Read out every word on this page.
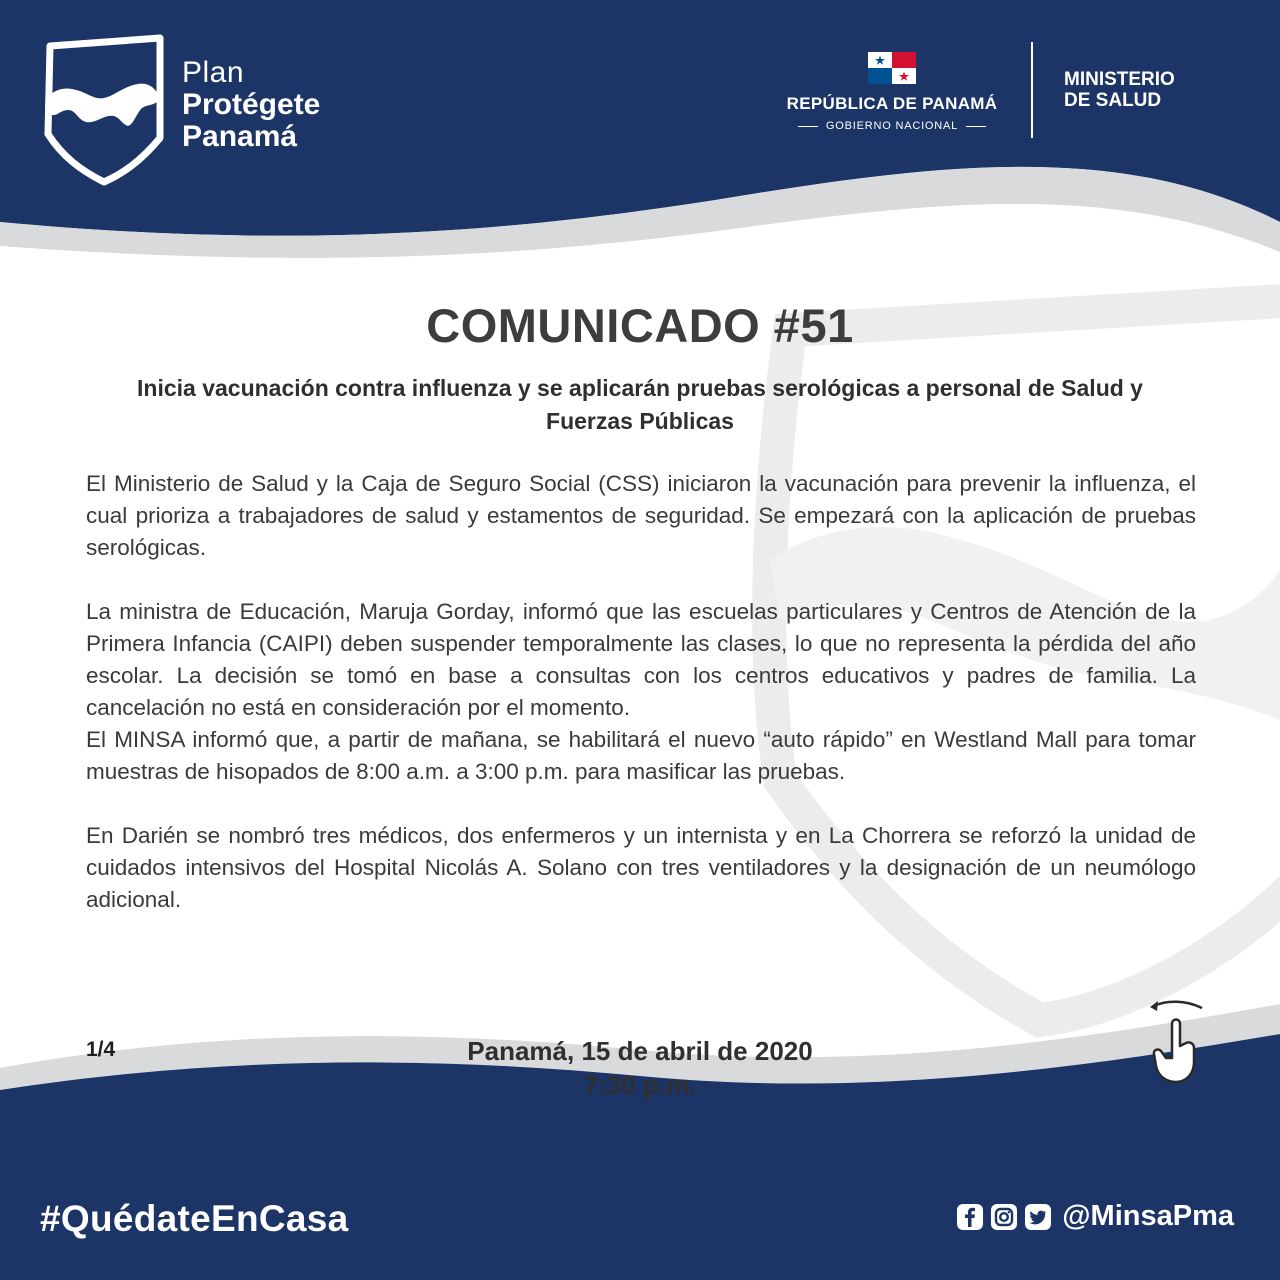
Plan
Protégete
Panamá
REPÚBLICA DE PANAMÁ
GOBIERNO NACIONAL
MINISTERIO
DE SALUD
COMUNICADO #51
Inicia vacunación contra influenza y se aplicarán pruebas serológicas a personal de Salud y Fuerzas Públicas

El Ministerio de Salud y la Caja de Seguro Social (CSS) iniciaron la vacunación para prevenir la influenza, el cual prioriza a trabajadores de salud y estamentos de seguridad. Se empezará con la aplicación de pruebas serológicas.

La ministra de Educación, Maruja Gorday, informó que las escuelas particulares y Centros de Atención de la Primera Infancia (CAIPI) deben suspender temporalmente las clases, lo que no representa la pérdida del año escolar. La decisión se tomó en base a consultas con los centros educativos y padres de familia. La cancelación no está en consideración por el momento.

El MINSA informó que, a partir de mañana, se habilitará el nuevo “auto rápido” en Westland Mall para tomar muestras de hisopados de 8:00 a.m. a 3:00 p.m. para masificar las pruebas.

En Darién se nombró tres médicos, dos enfermeros y un internista y en La Chorrera se reforzó la unidad de cuidados intensivos del Hospital Nicolás A. Solano con tres ventiladores y la designación de un neumólogo adicional.

1/4	Panamá, 15 de abril de 2020
7:30 p.m.
#QuédateEnCasa	@MinsaPma
